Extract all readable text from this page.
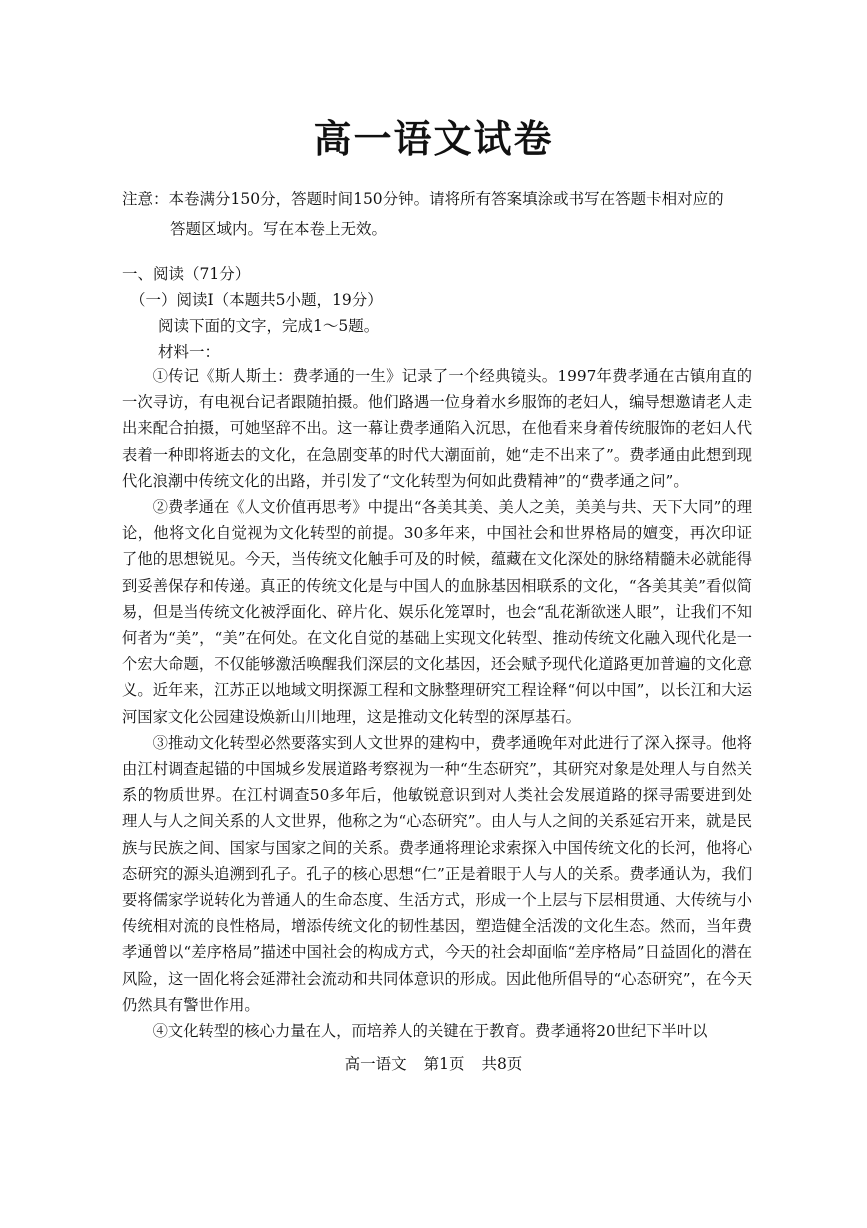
高一语文试卷
注意：本卷满分150分，答题时间150分钟。请将所有答案填涂或书写在答题卡相对应的
答题区域内。写在本卷上无效。
一、阅读（71分）
（一）阅读Ⅰ（本题共5小题，19分）
阅读下面的文字，完成1～5题。
材料一：

①传记《斯人斯土：费孝通的一生》记录了一个经典镜头。1997年费孝通在古镇甪直的一次寻访，有电视台记者跟随拍摄。他们路遇一位身着水乡服饰的老妇人，编导想邀请老人走出来配合拍摄，可她坚辞不出。这一幕让费孝通陷入沉思，在他看来身着传统服饰的老妇人代表着一种即将逝去的文化，在急剧变革的时代大潮面前，她“走不出来了”。费孝通由此想到现代化浪潮中传统文化的出路，并引发了“文化转型为何如此费精神”的“费孝通之问”。

②费孝通在《人文价值再思考》中提出“各美其美、美人之美，美美与共、天下大同”的理论，他将文化自觉视为文化转型的前提。30多年来，中国社会和世界格局的嬗变，再次印证了他的思想锐见。今天，当传统文化触手可及的时候，蕴藏在文化深处的脉络精髓未必就能得到妥善保存和传递。真正的传统文化是与中国人的血脉基因相联系的文化，“各美其美”看似简易，但是当传统文化被浮面化、碎片化、娱乐化笼罩时，也会“乱花渐欲迷人眼”，让我们不知何者为“美”，“美”在何处。在文化自觉的基础上实现文化转型、推动传统文化融入现代化是一个宏大命题，不仅能够激活唤醒我们深层的文化基因，还会赋予现代化道路更加普遍的文化意义。近年来，江苏正以地域文明探源工程和文脉整理研究工程诠释“何以中国”，以长江和大运河国家文化公园建设焕新山川地理，这是推动文化转型的深厚基石。

③推动文化转型必然要落实到人文世界的建构中，费孝通晚年对此进行了深入探寻。他将由江村调查起锚的中国城乡发展道路考察视为一种“生态研究”，其研究对象是处理人与自然关系的物质世界。在江村调查50多年后，他敏锐意识到对人类社会发展道路的探寻需要进到处理人与人之间关系的人文世界，他称之为“心态研究”。由人与人之间的关系延宕开来，就是民族与民族之间、国家与国家之间的关系。费孝通将理论求索探入中国传统文化的长河，他将心态研究的源头追溯到孔子。孔子的核心思想“仁”正是着眼于人与人的关系。费孝通认为，我们要将儒家学说转化为普通人的生命态度、生活方式，形成一个上层与下层相贯通、大传统与小传统相对流的良性格局，增添传统文化的韧性基因，塑造健全活泼的文化生态。然而，当年费孝通曾以“差序格局”描述中国社会的构成方式，今天的社会却面临“差序格局”日益固化的潜在风险，这一固化将会延滞社会流动和共同体意识的形成。因此他所倡导的“心态研究”，在今天仍然具有警世作用。

④文化转型的核心力量在人，而培养人的关键在于教育。费孝通将20世纪下半叶以

高一语文 第1页 共8页
